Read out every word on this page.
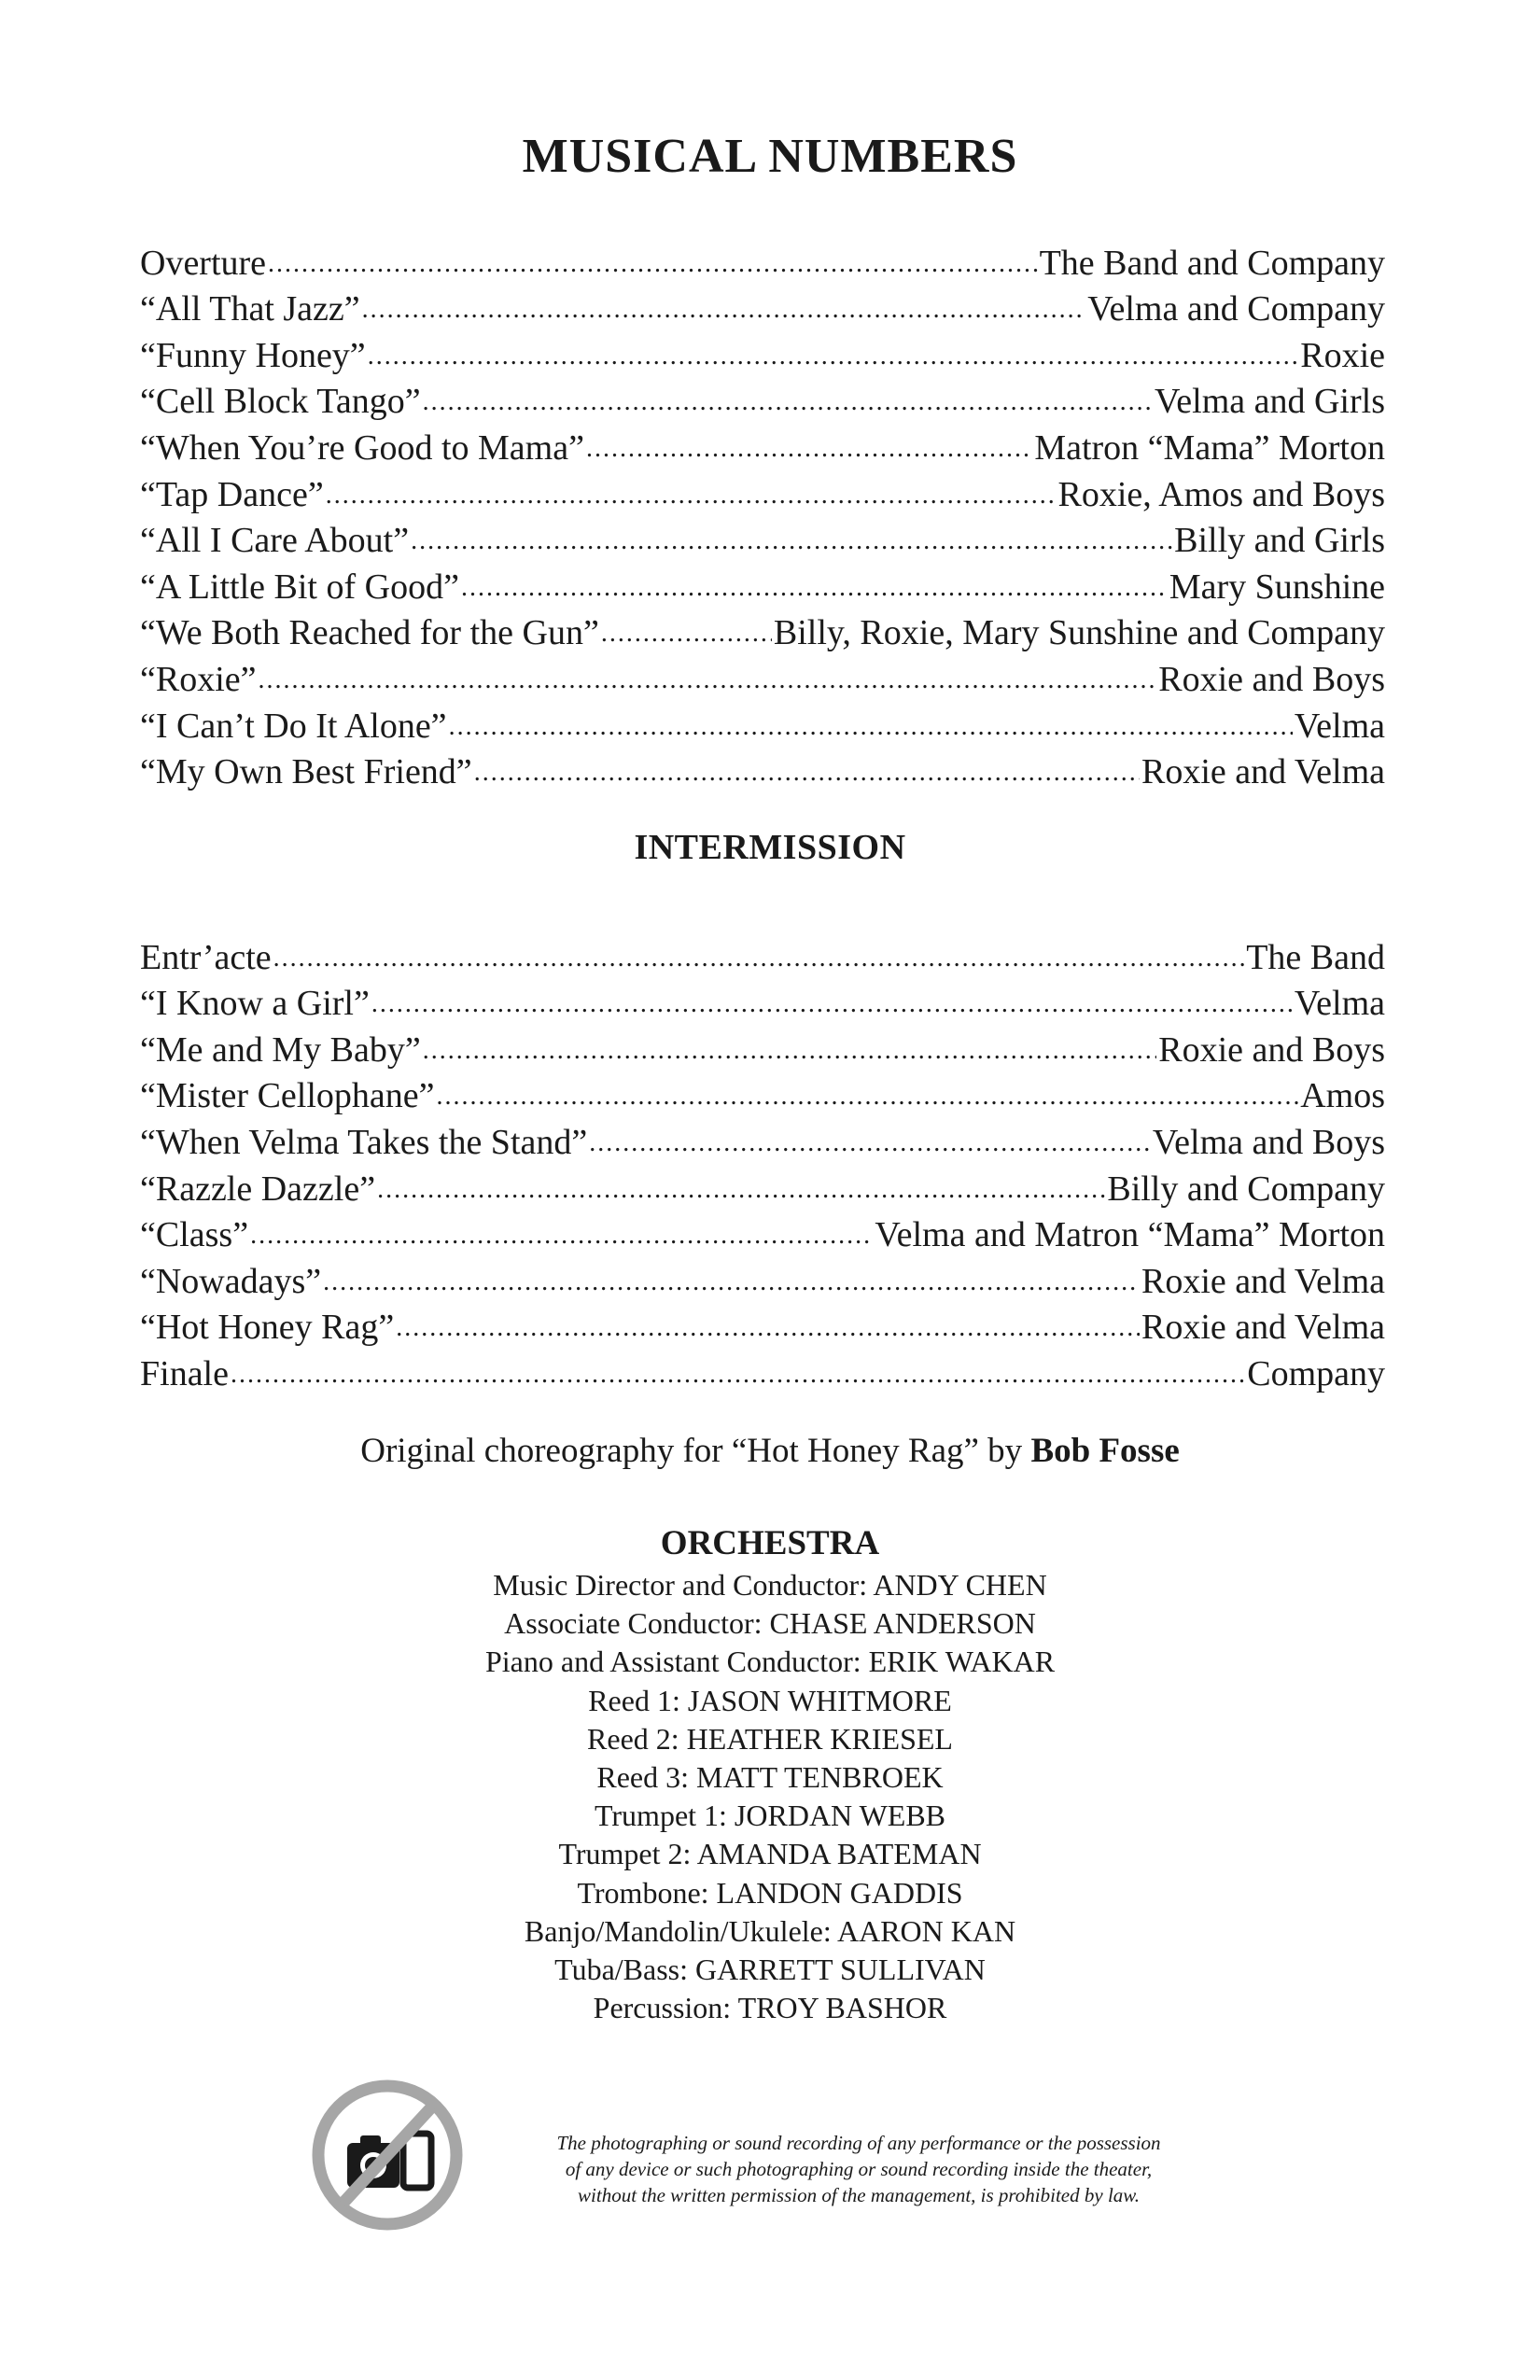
MUSICAL NUMBERS
Overture .....	The Band and Company
“All That Jazz” .....	Velma and Company
“Funny Honey” .....	Roxie
“Cell Block Tango” .....	Velma and Girls
“When You’re Good to Mama” .....	Matron “Mama” Morton
“Tap Dance” .....	Roxie, Amos and Boys
“All I Care About” .....	Billy and Girls
“A Little Bit of Good” .....	Mary Sunshine
“We Both Reached for the Gun” .....	Billy, Roxie, Mary Sunshine and Company
“Roxie” .....	Roxie and Boys
“I Can’t Do It Alone” .....	Velma
“My Own Best Friend” .....	Roxie and Velma
INTERMISSION
Entr’acte .....	The Band
“I Know a Girl” .....	Velma
“Me and My Baby” .....	Roxie and Boys
“Mister Cellophane” .....	Amos
“When Velma Takes the Stand” .....	Velma and Boys
“Razzle Dazzle” .....	Billy and Company
“Class” .....	Velma and Matron “Mama” Morton
“Nowadays” .....	Roxie and Velma
“Hot Honey Rag” .....	Roxie and Velma
Finale .....	Company
Original choreography for “Hot Honey Rag” by Bob Fosse
ORCHESTRA
Music Director and Conductor: ANDY CHEN
Associate Conductor: CHASE ANDERSON
Piano and Assistant Conductor: ERIK WAKAR
Reed 1: JASON WHITMORE
Reed 2: HEATHER KRIESEL
Reed 3: MATT TENBROEK
Trumpet 1: JORDAN WEBB
Trumpet 2: AMANDA BATEMAN
Trombone: LANDON GADDIS
Banjo/Mandolin/Ukulele: AARON KAN
Tuba/Bass: GARRETT SULLIVAN
Percussion: TROY BASHOR
The photographing or sound recording of any performance or the possession
of any device or such photographing or sound recording inside the theater,
without the written permission of the management, is prohibited by law.
